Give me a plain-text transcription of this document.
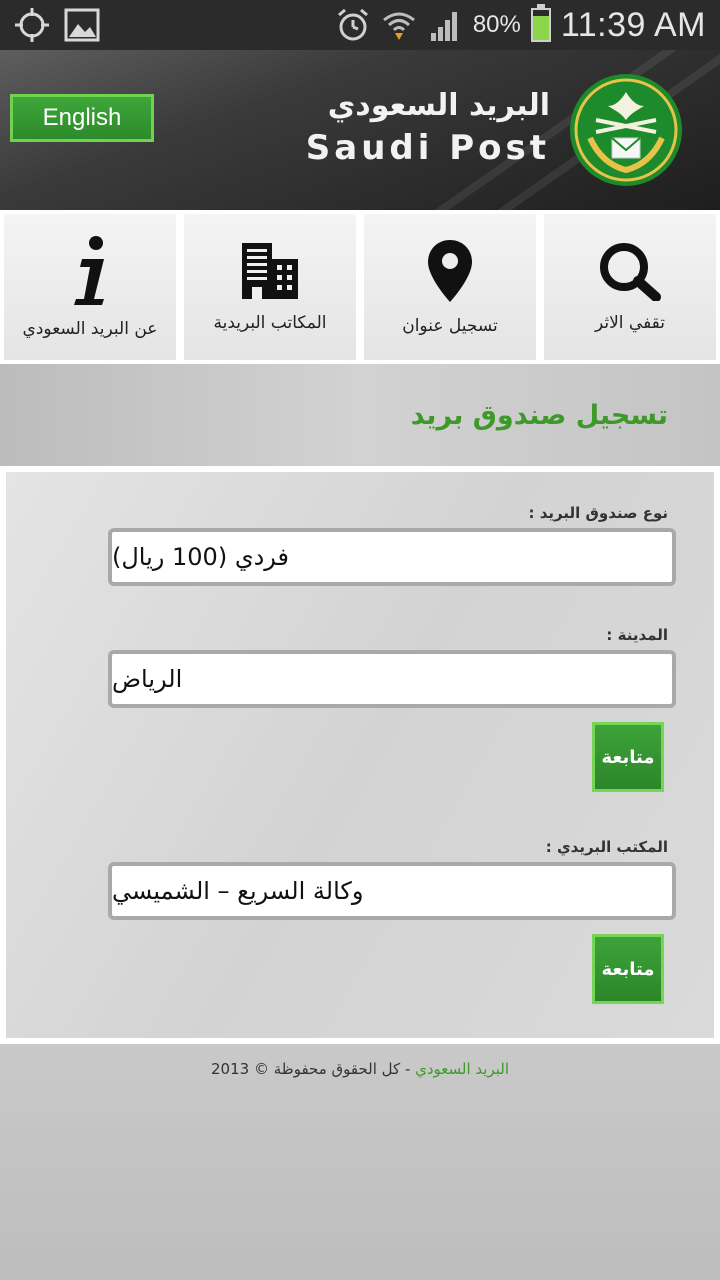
80% 11:39 AM
English	البريد السعودي
Saudi Post
عن البريد السعودي	المكاتب البريدية	تسجيل عنوان	تقفي الاثر
تسجيل صندوق بريد
نوع صندوق البريد :
فردي (100 ريال)
المدينة :
الرياض
متابعة
المكتب البريدي :
وكالة السريع – الشميسي
متابعة
البريد السعودي - كل الحقوق محفوظة © 2013
